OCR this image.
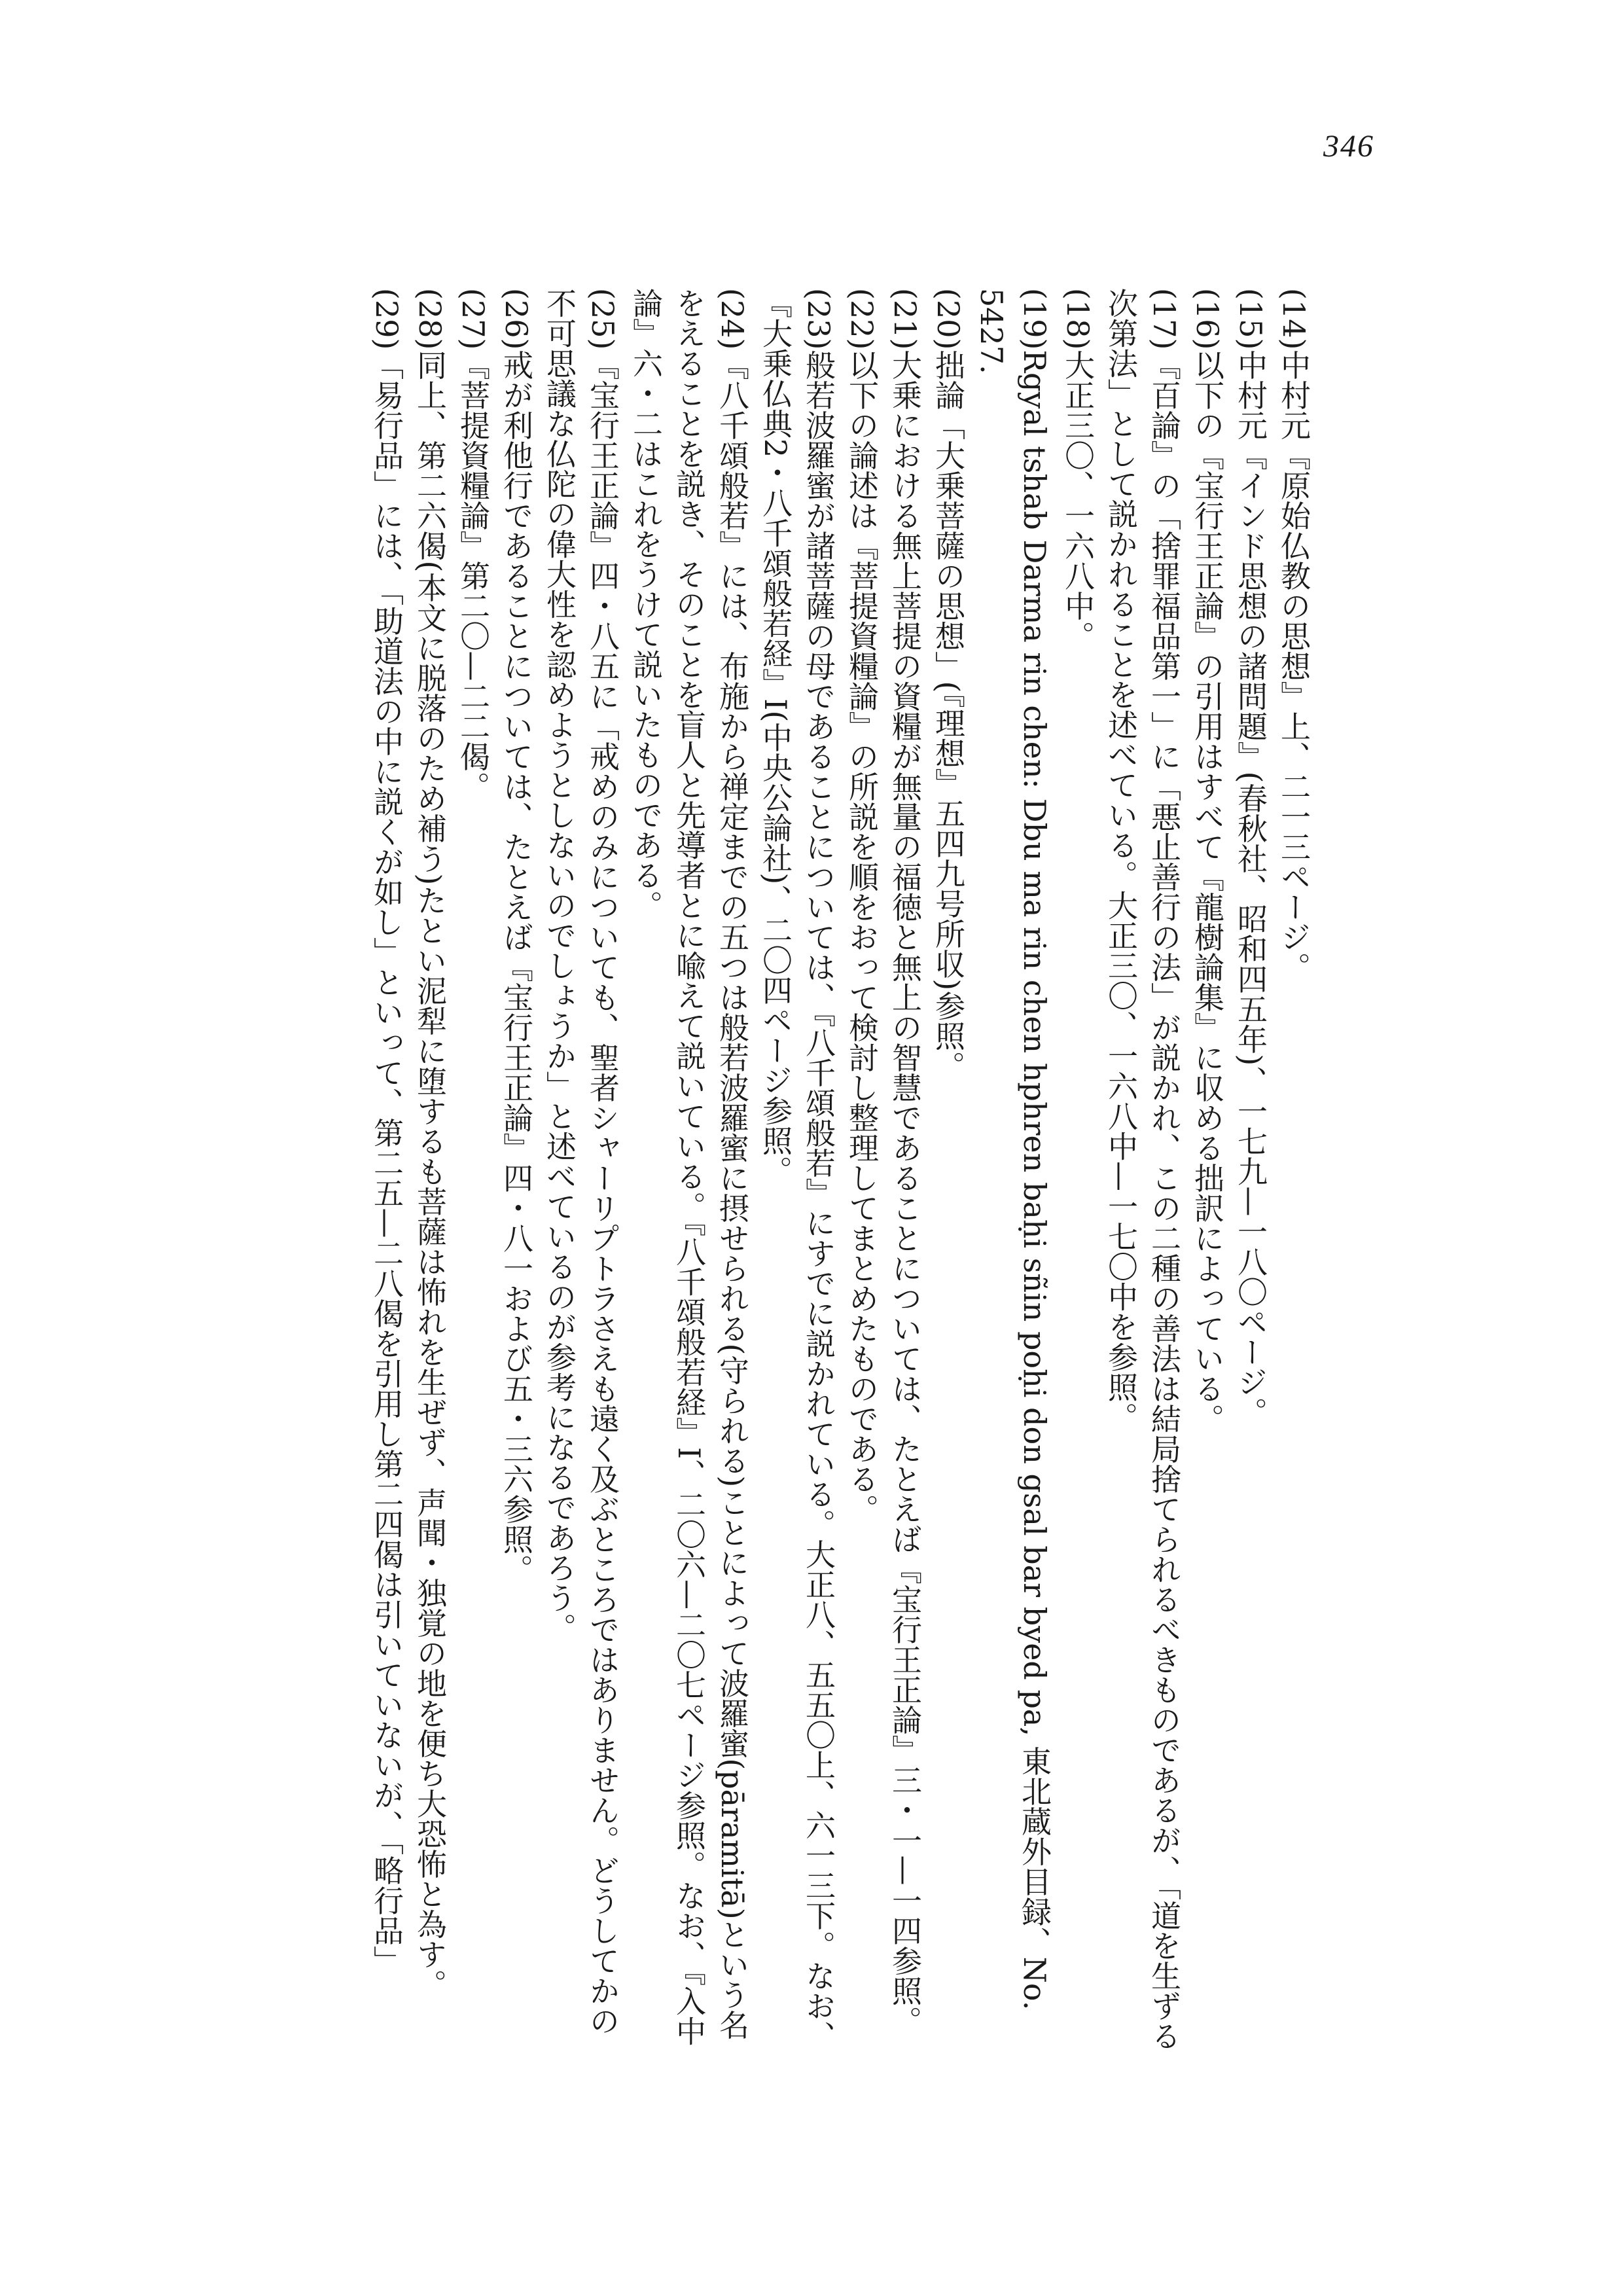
346

(14)中村元『原始仏教の思想』上、二一三ページ。

(15)中村元『インド思想の諸問題』(春秋社、昭和四五年)、一七九—一八〇ページ。

(16)以下の『宝行王正論』の引用はすべて『龍樹論集』に収める拙訳によっている。

(17)『百論』の「捨罪福品第一」に「悪止善行の法」が説かれ、この二種の善法は結局捨てられるべきものであるが、「道を生ずる次第法」として説かれることを述べている。大正三〇、一六八中—一七〇中を参照。

(18)大正三〇、一六八中。

(19)Rgyal tshab Darma rin chen: Dbu ma rin chen hphren baḥi sñin poḥi don gsal bar byed pa, 東北蔵外目録、No. 5427.

(20)拙論「大乗菩薩の思想」(『理想』五四九号所収)参照。

(21)大乗における無上菩提の資糧が無量の福徳と無上の智慧であることについては、たとえば『宝行王正論』三・一—一四参照。

(22)以下の論述は『菩提資糧論』の所説を順をおって検討し整理してまとめたものである。

(23)般若波羅蜜が諸菩薩の母であることについては、『八千頌般若』にすでに説かれている。大正八、五五〇上、六一三下。なお、『大乗仏典2・八千頌般若経』I(中央公論社)、二〇四ページ参照。

(24)『八千頌般若』には、布施から禅定までの五つは般若波羅蜜に摂せられる(守られる)ことによって波羅蜜(pāramitā)という名をえることを説き、そのことを盲人と先導者とに喩えて説いている。『八千頌般若経』I、二〇六—二〇七ページ参照。なお、『入中論』六・二はこれをうけて説いたものである。

(25)『宝行王正論』四・八五に「戒めのみについても、聖者シャーリプトラさえも遠く及ぶところではありません。どうしてかの不可思議な仏陀の偉大性を認めようとしないのでしょうか」と述べているのが参考になるであろう。

(26)戒が利他行であることについては、たとえば『宝行王正論』四・八一および五・三六参照。

(27)『菩提資糧論』第二〇—二二偈。

(28)同上、第二六偈(本文に脱落のため補う)たとい泥犁に堕するも菩薩は怖れを生ぜず、声聞・独覚の地を便ち大恐怖と為す。

(29)「易行品」には、「助道法の中に説くが如し」といって、第二五—二八偈を引用し第二四偈は引いていないが、「略行品」
